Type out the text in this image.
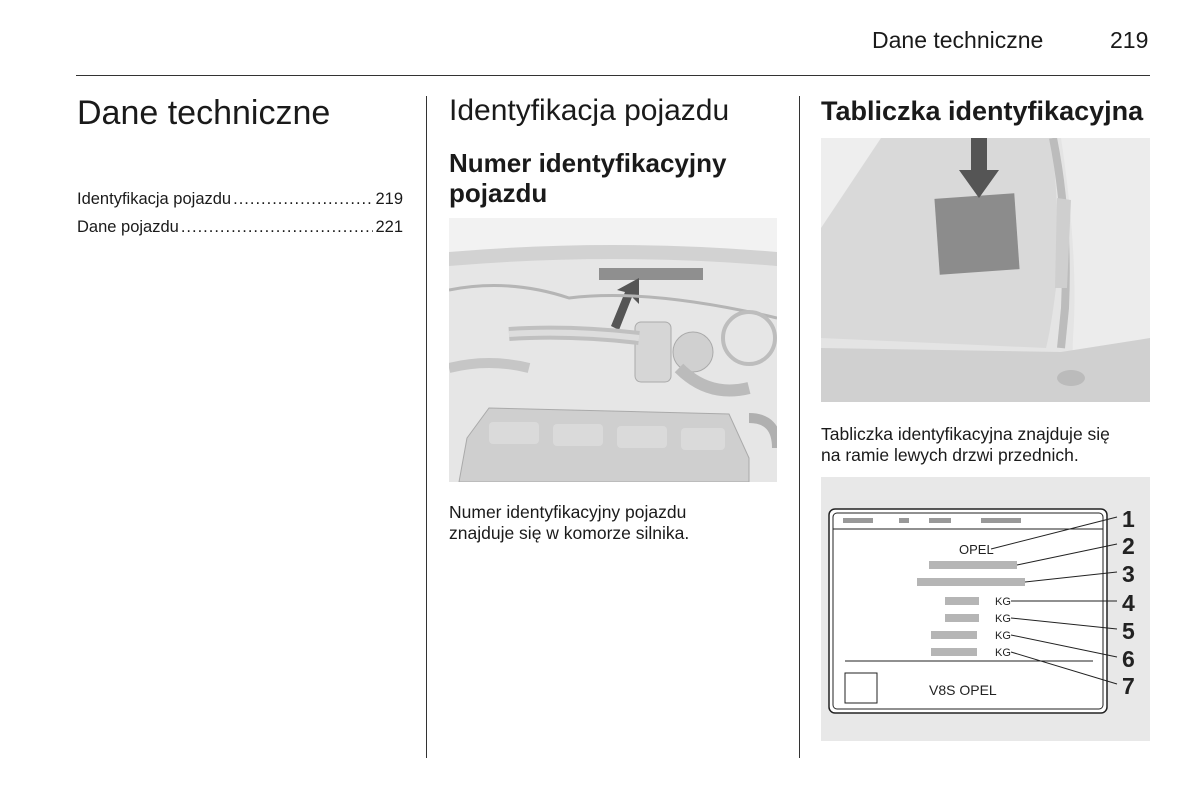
Dane techniczne	219
Dane techniczne
Identyfikacja pojazdu .....	219
Dane pojazdu .....	221
Identyfikacja pojazdu
Numer identyfikacyjny
pojazdu

Numer identyfikacyjny pojazdu
znajduje się w komorze silnika.

Tabliczka identyfikacyjna

Tabliczka identyfikacyjna znajduje się
na ramie lewych drzwi przednich.

OPEL
KG
KG
KG
KG
V8S OPEL
1
2
3
4
5
6
7
